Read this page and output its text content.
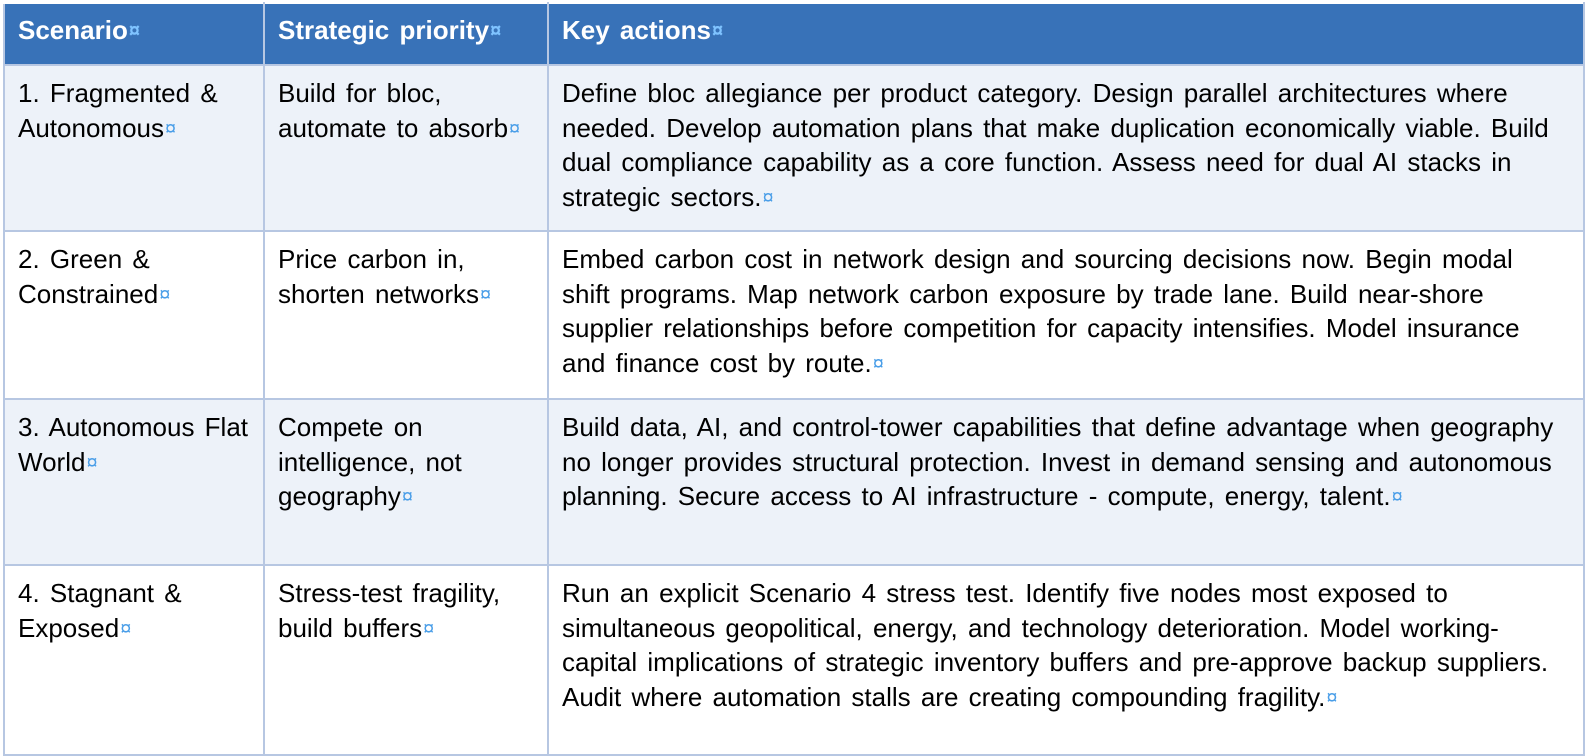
Scenario¤	Strategic priority¤	Key actions¤
1. Fragmented & Autonomous¤	Build for bloc, automate to absorb¤	Define bloc allegiance per product category. Design parallel architectures where needed. Develop automation plans that make duplication economically viable. Build dual compliance capability as a core function. Assess need for dual AI stacks in strategic sectors.¤
2. Green & Constrained¤	Price carbon in, shorten networks¤	Embed carbon cost in network design and sourcing decisions now. Begin modal shift programs. Map network carbon exposure by trade lane. Build near-shore supplier relationships before competition for capacity intensifies. Model insurance and finance cost by route.¤
3. Autonomous Flat World¤	Compete on intelligence, not geography¤	Build data, AI, and control-tower capabilities that define advantage when geography no longer provides structural protection. Invest in demand sensing and autonomous planning. Secure access to AI infrastructure - compute, energy, talent.¤
4. Stagnant & Exposed¤	Stress-test fragility, build buffers¤	Run an explicit Scenario 4 stress test. Identify five nodes most exposed to simultaneous geopolitical, energy, and technology deterioration. Model working-capital implications of strategic inventory buffers and pre-approve backup suppliers. Audit where automation stalls are creating compounding fragility.¤
